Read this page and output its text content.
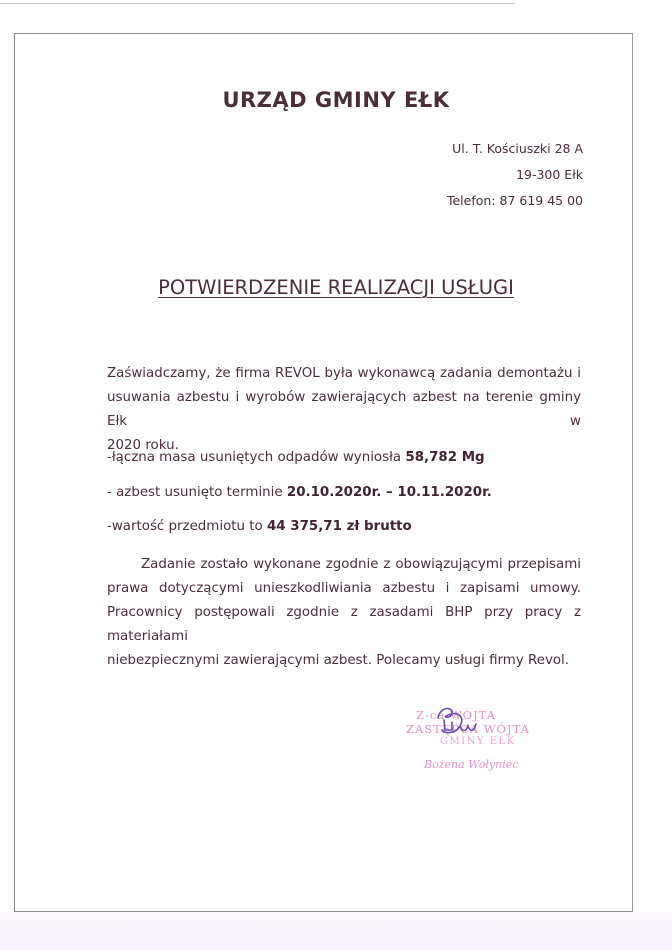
URZĄD GMINY EŁK
Ul. T. Kościuszki 28 A
19-300 Ełk
Telefon: 87 619 45 00
POTWIERDZENIE REALIZACJI USŁUGI
Zaświadczamy, że firma REVOL była wykonawcą zadania demontażu i
usuwania azbestu i wyrobów zawierających azbest na terenie gminy Ełk w
2020 roku.
-łączna masa usuniętych odpadów wyniosła 58,782 Mg
- azbest usunięto terminie 20.10.2020r. – 10.11.2020r.
-wartość przedmiotu to 44 375,71 zł brutto
Zadanie zostało wykonane zgodnie z obowiązującymi przepisami
prawa dotyczącymi unieszkodliwiania azbestu i zapisami umowy.
Pracownicy postępowali zgodnie z zasadami BHP przy pracy z materiałami
niebezpiecznymi zawierającymi azbest. Polecamy usługi firmy Revol.
Z-ca WÓJTA
ZASTĘPCA WÓJTA
GMINY EŁK
Bożena Wołyniec
